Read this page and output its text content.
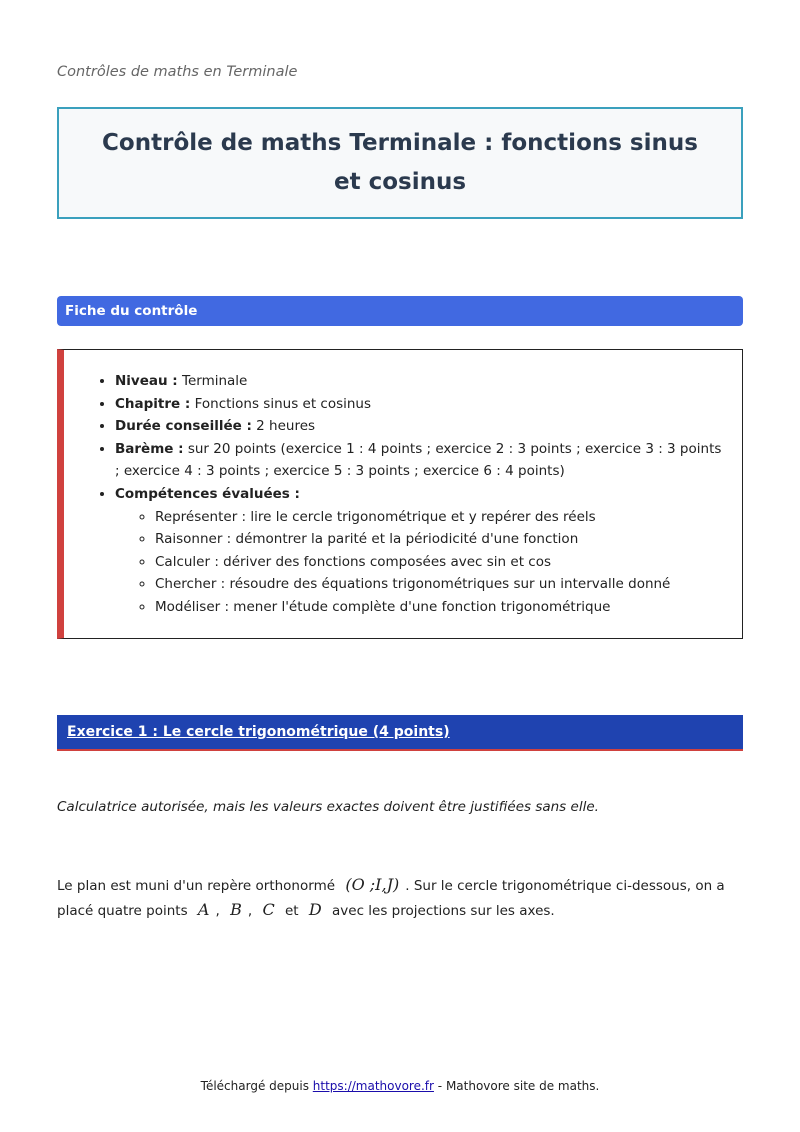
Contrôles de maths en Terminale
Contrôle de maths Terminale : fonctions sinus et cosinus
Fiche du contrôle
• Niveau : Terminale
• Chapitre : Fonctions sinus et cosinus
• Durée conseillée : 2 heures
• Barème : sur 20 points (exercice 1 : 4 points ; exercice 2 : 3 points ; exercice 3 : 3 points ; exercice 4 : 3 points ; exercice 5 : 3 points ; exercice 6 : 4 points)
• Compétences évaluées :
◦ Représenter : lire le cercle trigonométrique et y repérer des réels
◦ Raisonner : démontrer la parité et la périodicité d'une fonction
◦ Calculer : dériver des fonctions composées avec sin et cos
◦ Chercher : résoudre des équations trigonométriques sur un intervalle donné
◦ Modéliser : mener l'étude complète d'une fonction trigonométrique
Exercice 1 : Le cercle trigonométrique (4 points)
Calculatrice autorisée, mais les valeurs exactes doivent être justifiées sans elle.
Le plan est muni d'un repère orthonormé (O ;I,J) . Sur le cercle trigonométrique ci-dessous, on a placé quatre points A , B , C et D avec les projections sur les axes.
Téléchargé depuis https://mathovore.fr - Mathovore site de maths.
